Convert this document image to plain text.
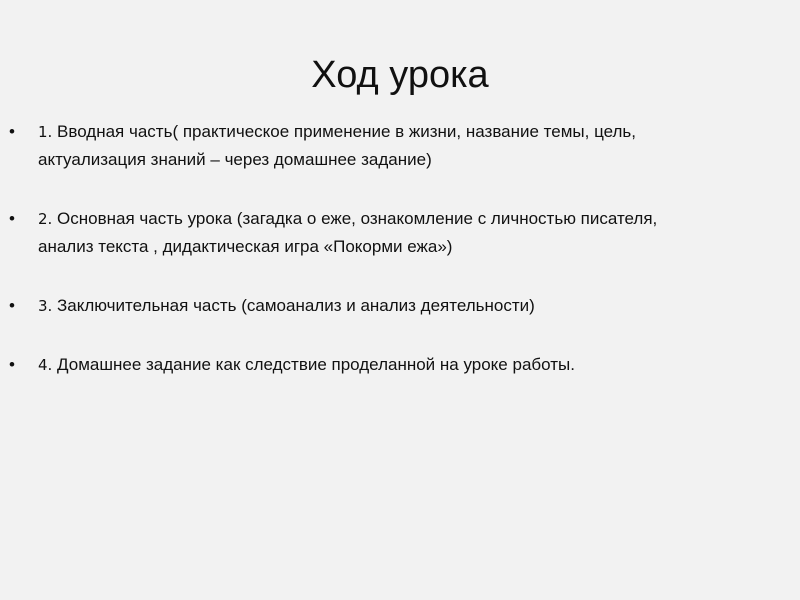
Ход урока
• 1. Вводная часть( практическое применение в жизни, название темы, цель,
актуализация знаний – через домашнее задание)
• 2. Основная часть урока (загадка о еже, ознакомление с личностью писателя,
анализ текста , дидактическая игра «Покорми ежа»)
• 3. Заключительная часть (самоанализ и анализ деятельности)
• 4. Домашнее задание как следствие проделанной на уроке работы.
